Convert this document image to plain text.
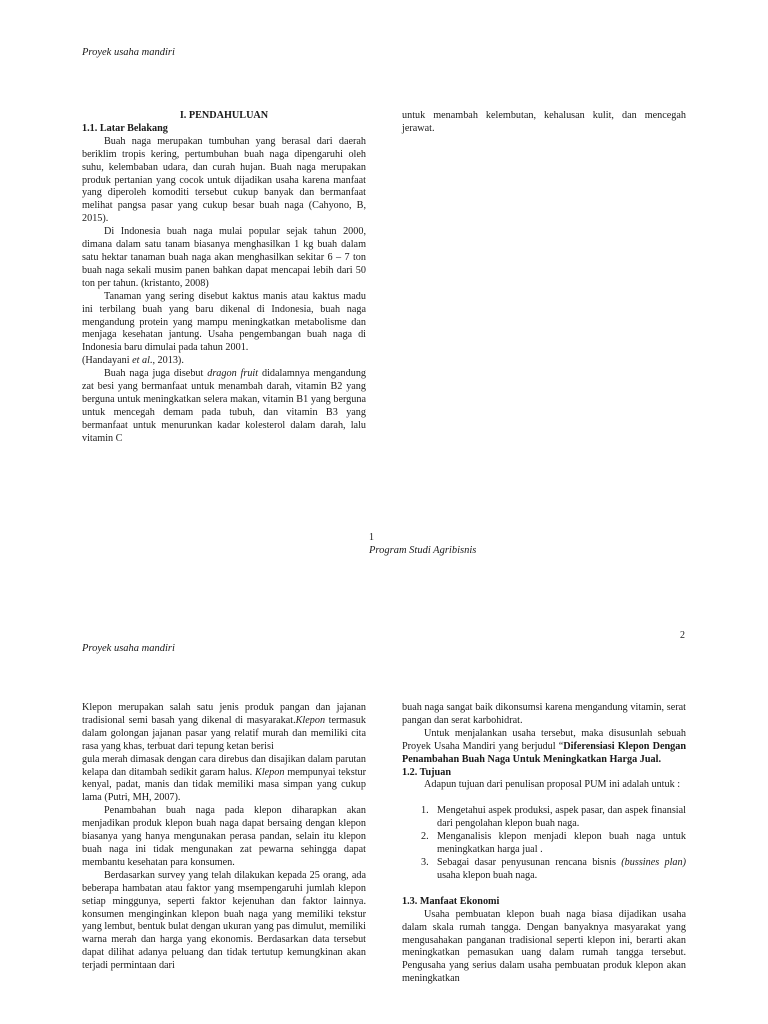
Proyek usaha mandiri

I. PENDAHULUAN

1.1. Latar Belakang

Buah naga merupakan tumbuhan yang berasal dari daerah beriklim tropis kering, pertumbuhan buah naga dipengaruhi oleh suhu, kelembaban udara, dan curah hujan. Buah naga merupakan produk pertanian yang cocok untuk dijadikan usaha karena manfaat yang diperoleh komoditi tersebut cukup banyak dan bermanfaat melihat pangsa pasar yang cukup besar buah naga (Cahyono, B, 2015).

Di Indonesia buah naga mulai popular sejak tahun 2000, dimana dalam satu tanam biasanya menghasilkan 1 kg buah dalam satu hektar tanaman buah naga akan menghasilkan sekitar 6 – 7 ton buah naga sekali musim panen bahkan dapat mencapai lebih dari 50 ton per tahun. (kristanto, 2008)

Tanaman yang sering disebut kaktus manis atau kaktus madu ini terbilang buah yang baru dikenal di Indonesia, buah naga mengandung protein yang mampu meningkatkan metabolisme dan menjaga kesehatan jantung. Usaha pengembangan buah naga di Indonesia baru dimulai pada tahun 2001.

(Handayani et al., 2013).

Buah naga juga disebut dragon fruit didalamnya mengandung zat besi yang bermanfaat untuk menambah darah, vitamin B2 yang berguna untuk meningkatkan selera makan, vitamin B1 yang berguna untuk mencegah demam pada tubuh, dan vitamin B3 yang bermanfaat untuk menurunkan kadar kolesterol dalam darah, lalu vitamin C

untuk menambah kelembutan, kehalusan kulit, dan mencegah jerawat.

1
Program Studi Agribisnis
2
Proyek usaha mandiri

Klepon merupakan salah satu jenis produk pangan dan jajanan tradisional semi basah yang dikenal di masyarakat.Klepon termasuk dalam golongan jajanan pasar yang relatif murah dan memiliki cita rasa yang khas, terbuat dari tepung ketan berisi

gula merah dimasak dengan cara direbus dan disajikan dalam parutan kelapa dan ditambah sedikit garam halus. Klepon mempunyai tekstur kenyal, padat, manis dan tidak memiliki masa simpan yang cukup lama (Putri, MH, 2007).

Penambahan buah naga pada klepon diharapkan akan menjadikan produk klepon buah naga dapat bersaing dengan klepon biasanya yang hanya mengunakan perasa pandan, selain itu klepon buah naga ini tidak mengunakan zat pewarna sehingga dapat membantu kesehatan para konsumen.

Berdasarkan survey yang telah dilakukan kepada 25 orang, ada beberapa hambatan atau faktor yang msempengaruhi jumlah klepon setiap minggunya, seperti faktor kejenuhan dan faktor lainnya. konsumen menginginkan klepon buah naga yang memiliki tekstur yang lembut, bentuk bulat dengan ukuran yang pas dimulut, memiliki warna merah dan harga yang ekonomis. Berdasarkan data tersebut dapat dilihat adanya peluang dan tidak tertutup kemungkinan akan terjadi permintaan dari

buah naga sangat baik dikonsumsi karena mengandung vitamin, serat pangan dan serat karbohidrat.

Untuk menjalankan usaha tersebut, maka disusunlah sebuah Proyek Usaha Mandiri yang berjudul “Diferensiasi Klepon Dengan Penambahan Buah Naga Untuk Meningkatkan Harga Jual.

1.2. Tujuan

Adapun tujuan dari penulisan proposal PUM ini adalah untuk :

1. Mengetahui aspek produksi, aspek pasar, dan aspek finansial dari pengolahan klepon buah naga.
2. Menganalisis klepon menjadi klepon buah naga untuk meningkatkan harga jual .
3. Sebagai dasar penyusunan rencana bisnis (bussines plan) usaha klepon buah naga.

1.3. Manfaat Ekonomi

Usaha pembuatan klepon buah naga biasa dijadikan usaha dalam skala rumah tangga. Dengan banyaknya masyarakat yang mengusahakan panganan tradisional seperti klepon ini, berarti akan meningkatkan pemasukan uang dalam rumah tangga tersebut. Pengusaha yang serius dalam usaha pembuatan produk klepon akan meningkatkan
